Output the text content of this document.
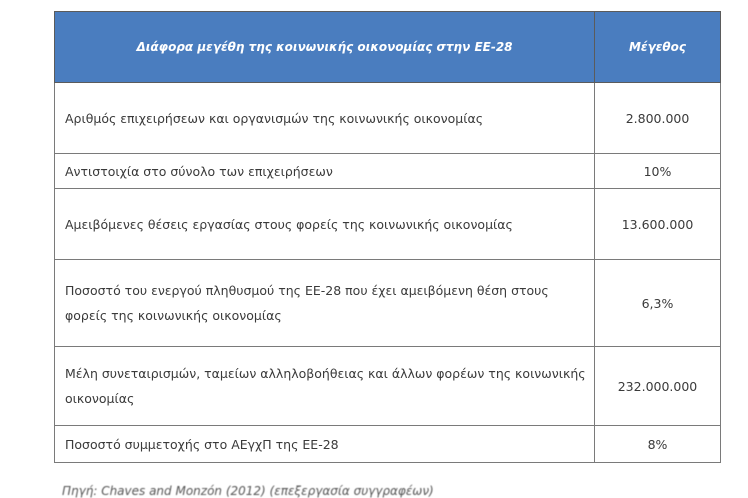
Διάφορα μεγέθη της κοινωνικής οικονομίας στην ΕΕ-28	Μέγεθος
Αριθμός επιχειρήσεων και οργανισμών της κοινωνικής οικονομίας	2.800.000
Αντιστοιχία στο σύνολο των επιχειρήσεων	10%
Αμειβόμενες θέσεις εργασίας στους φορείς της κοινωνικής οικονομίας	13.600.000
Ποσοστό του ενεργού πληθυσμού της ΕΕ-28 που έχει αμειβόμενη θέση στους φορείς της κοινωνικής οικονομίας	6,3%
Μέλη συνεταιρισμών, ταμείων αλληλοβοήθειας και άλλων φορέων της κοινωνικής οικονομίας	232.000.000
Ποσοστό συμμετοχής στο ΑΕγχΠ της ΕΕ-28	8%
Πηγή: Chaves and Monzón (2012) (επεξεργασία συγγραφέων)
